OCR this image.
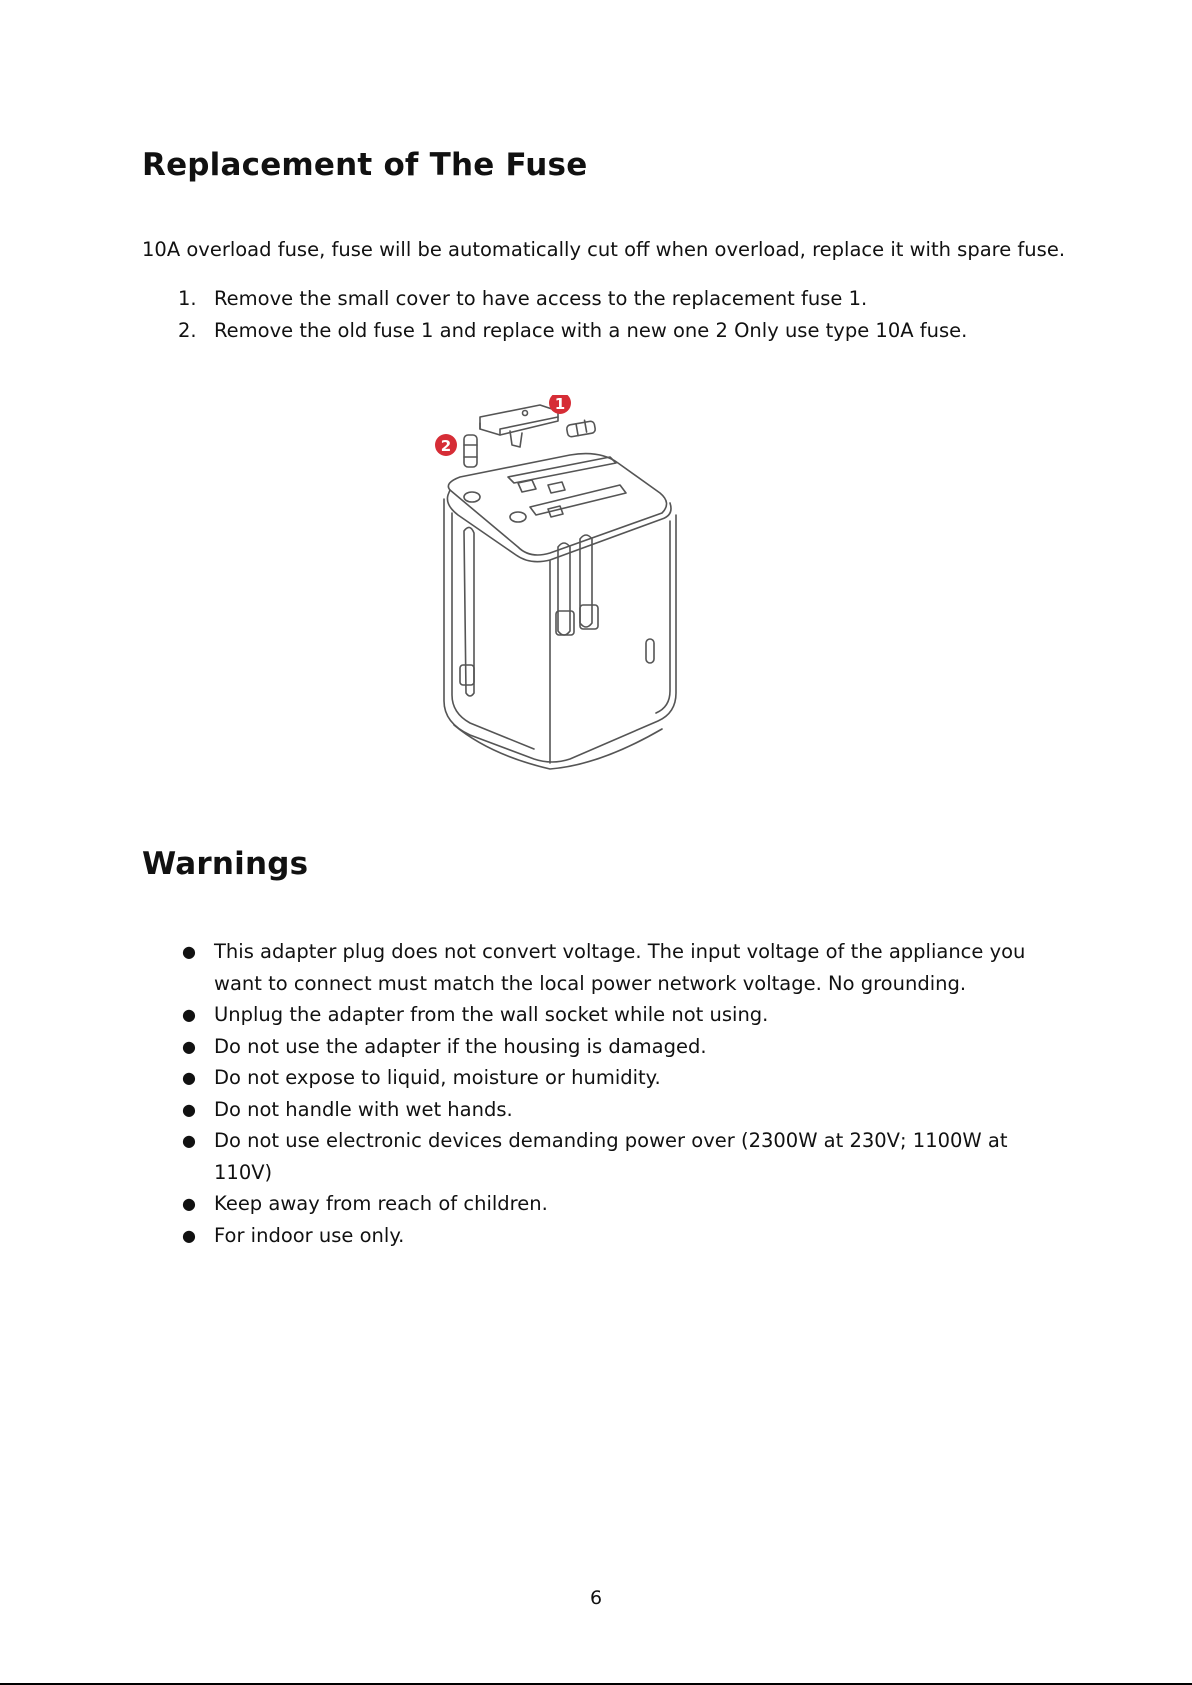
Replacement of The Fuse

10A overload fuse, fuse will be automatically cut off when overload, replace it with spare fuse.

1. Remove the small cover to have access to the replacement fuse 1.
2. Remove the old fuse 1 and replace with a new one 2 Only use type 10A fuse.
1
2
Warnings
● This adapter plug does not convert voltage. The input voltage of the appliance you want to connect must match the local power network voltage. No grounding.
● Unplug the adapter from the wall socket while not using.
● Do not use the adapter if the housing is damaged.
● Do not expose to liquid, moisture or humidity.
● Do not handle with wet hands.
● Do not use electronic devices demanding power over (2300W at 230V; 1100W at 110V)
● Keep away from reach of children.
● For indoor use only.
6
